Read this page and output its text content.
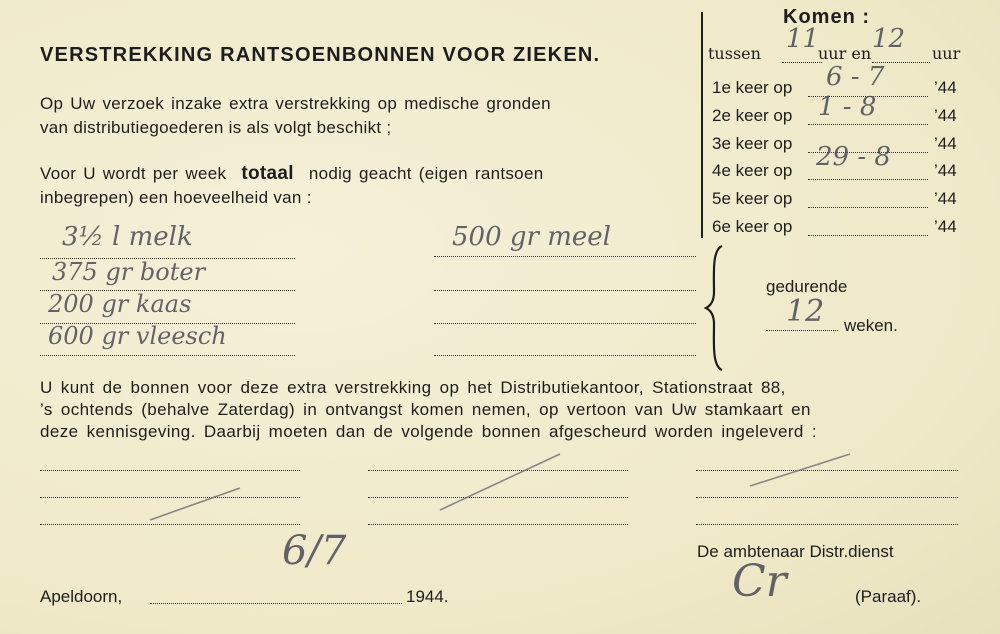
VERSTREKKING RANTSOENBONNEN VOOR ZIEKEN.
Op Uw verzoek inzake extra verstrekking op medische gronden
van distributiegoederen is als volgt beschikt ;
Voor U wordt per week totaal nodig geacht (eigen rantsoen
inbegrepen) een hoeveelheid van :
3½ l melk
375 gr boter
200 gr kaas
600 gr vleesch
500 gr meel
Komen :
tussen 11
uur en 12 uur
1e keer op 6 - 7	’44
2e keer op 1 - 8	’44
3e keer op	’44
4e keer op 29 - 8	’44
5e keer op	’44
6e keer op	’44
gedurende
12 weken.
U kunt de bonnen voor deze extra verstrekking op het Distributiekantoor, Stationstraat 88,
’s ochtends (behalve Zaterdag) in ontvangst komen nemen, op vertoon van Uw stamkaart en
deze kennisgeving. Daarbij moeten dan de volgende bonnen afgescheurd worden ingeleverd :
De ambtenaar Distr.dienst
Apeldoorn,
6/7
1944.	Cr	(Paraaf).
